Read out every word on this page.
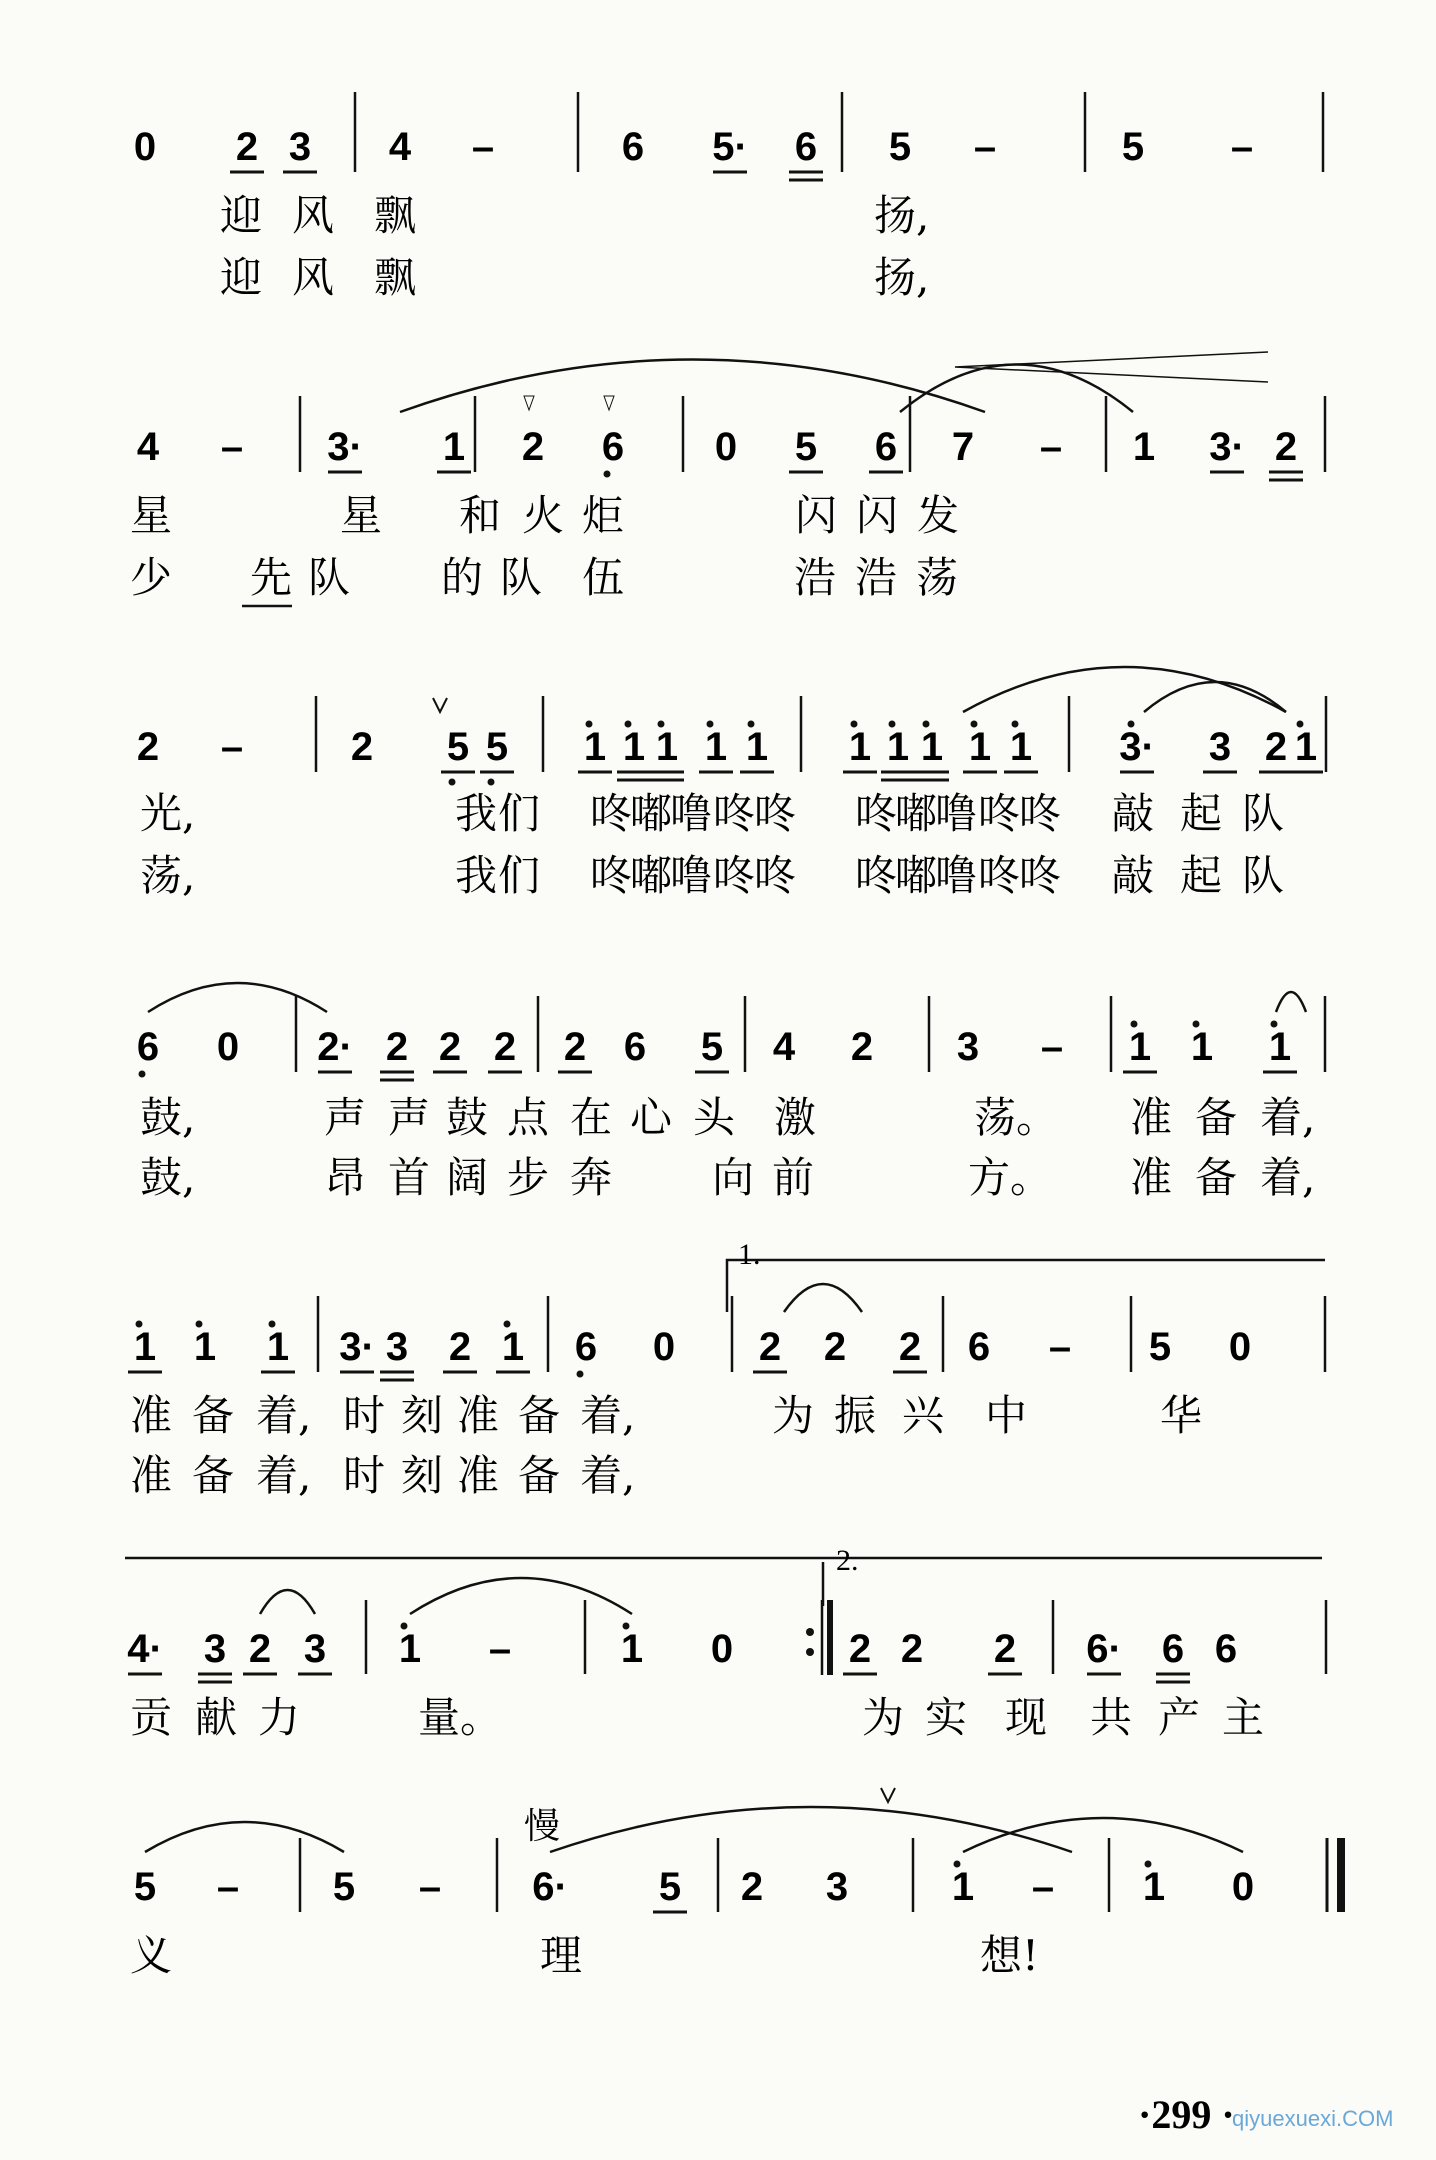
0 2 3 4 –	6 5· 6 5 –	5 –
4 – 3· 1 2 6 0 5 6 7 – 1 3· 2
2 –	2 5 5 1 1 1 1 1 1 1 1 1 1 3· 3 2 1
6 0 2· 2 2 2 2 6 5 4 2 3 – 1 1 1
1 1 1 3· 3 2 1 6 0 2 2 2 6 – 5 0
4· 3 2 3 1 –	1 0	2 2 2 6· 6 6
5 – 5 – 6· 5 2 3	1 – 1 0
迎 风 飘	扬,
迎 风 飘	扬,
星	星 和 火 炬	闪 闪 发
少 先 队 的 队 伍	浩 浩 荡
光,	我 们 咚
嘟
噜 咚
咚 咚
嘟
噜 咚
咚 敲 起 队
荡,	我 们 咚
嘟
噜 咚
咚 咚
嘟
噜 咚
咚 敲 起 队
鼓,	声 声 鼓 点 在 心 头 激	荡。 准 备 着,
鼓,	昂 首 阔 步 奔 向 前	方。 准 备 着,
准 备 着, 时 刻 准 备 着,	为 振 兴 中	华
准 备 着, 时 刻 准 备 着,
贡 献 力	量。	为 实 现 共 产 主
义	理	想!
1.
2.
慢
·299 ·
qiyuexuexi.COM
